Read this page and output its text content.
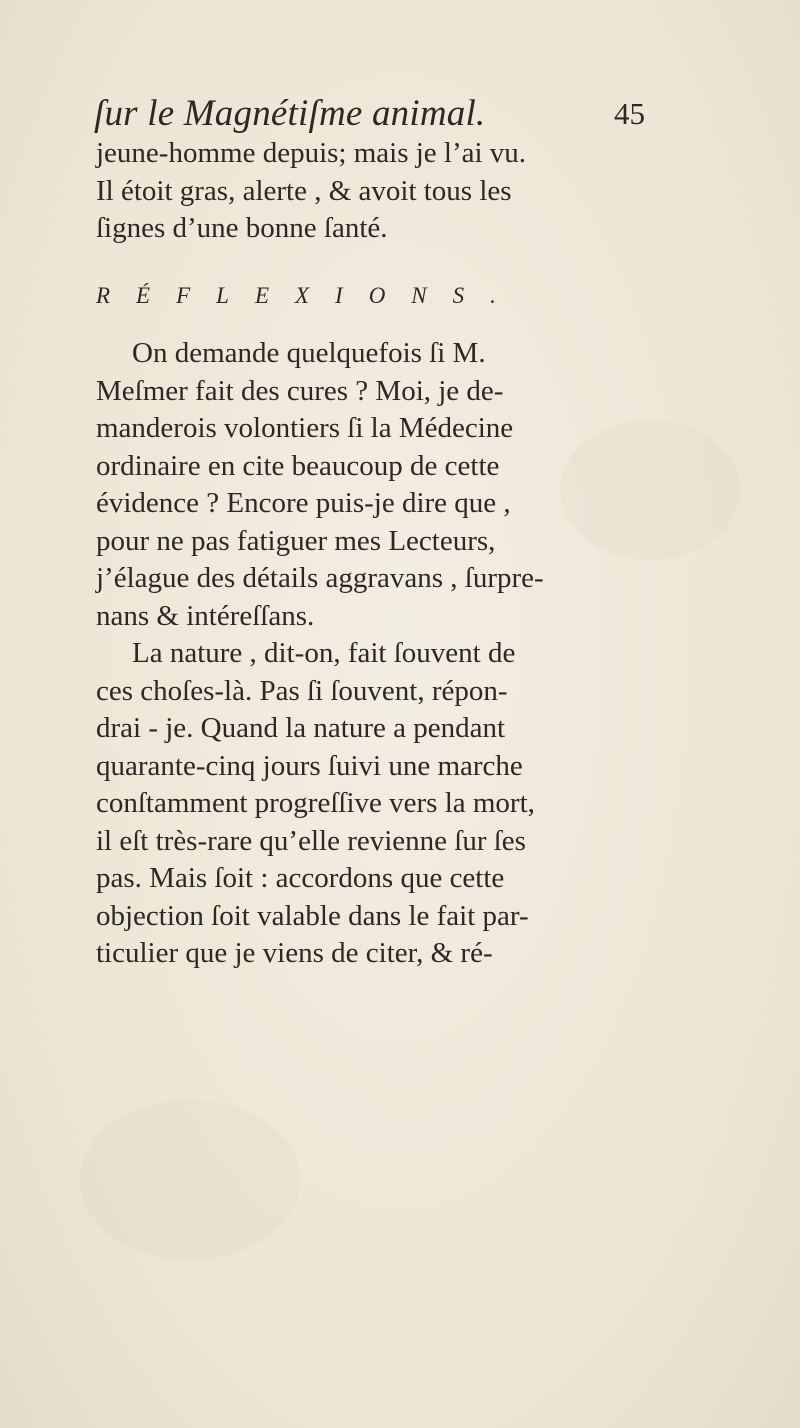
ſur le Magnétiſme animal.	45
jeune-homme depuis; mais je l’ai vu.
Il étoit gras, alerte , & avoit tous les
ſignes d’une bonne ſanté.
RÉFLEXIONS.
On demande quelquefois ſi M.
Meſmer fait des cures ? Moi, je de-
manderois volontiers ſi la Médecine
ordinaire en cite beaucoup de cette
évidence ? Encore puis-je dire que ,
pour ne pas fatiguer mes Lecteurs,
j’élague des détails aggravans , ſurpre-
nans & intéreſſans.
La nature , dit-on, fait ſouvent de
ces choſes-là. Pas ſi ſouvent, répon-
drai - je. Quand la nature a pendant
quarante-cinq jours ſuivi une marche
conſtamment progreſſive vers la mort,
il eſt très-rare qu’elle revienne ſur ſes
pas. Mais ſoit : accordons que cette
objection ſoit valable dans le fait par-
ticulier que je viens de citer, & ré-
